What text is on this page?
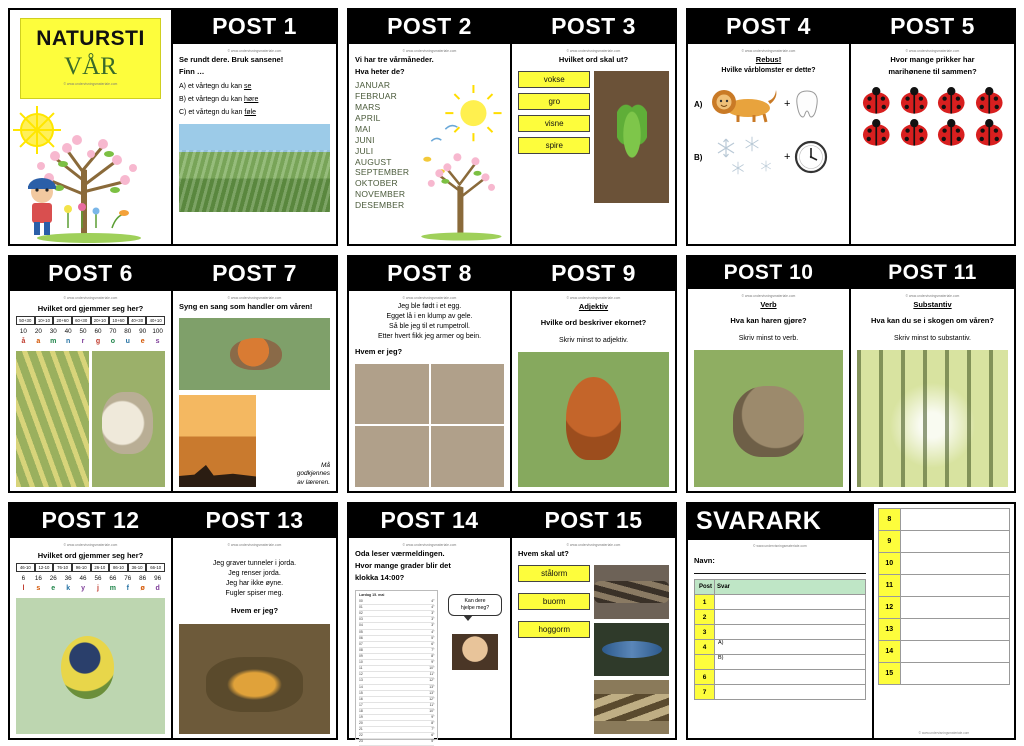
NATURSTI
VÅR
© www.undervisningsmateriale.com
POST 1
© www.undervisningsmateriale.com
Se rundt dere. Bruk sansene!
Finn …
A) et vårtegn du kan se
B) et vårtegn du kan høre
C) et vårtegn du kan føle
POST 2
© www.undervisningsmateriale.com
Vi har tre vårmåneder.
Hva heter de?
JANUAR
FEBRUAR
MARS
APRIL
MAI
JUNI
JULI
AUGUST
SEPTEMBER
OKTOBER
NOVEMBER
DESEMBER
POST 3
© www.undervisningsmateriale.com
Hvilket ord skal ut?
vokse
gro
visne
spire
POST 4
© www.undervisningsmateriale.com
Rebus!
Hvilke vårblomster er dette?
A)	+
B)	+
POST 5
© www.undervisningsmateriale.com
Hvor mange prikker har
marihønene til sammen?
POST 6
© www.undervisningsmateriale.com
Hvilket ord gjemmer seg her?
50+30	10+10	20+60	60+30	20+10	10+60	40+30	40+10
10	20	30	40	50	60	70	80	90 100
å	a	m	n	r	g	o	u	e	s
POST 7
© www.undervisningsmateriale.com
Syng en sang som handler om våren!
Må
godkjennes
av læreren.
POST 8
© www.undervisningsmateriale.com
Jeg ble født i et egg.
Egget lå i en klump av gele.
Så ble jeg til et rumpetroll.
Etter hvert fikk jeg armer og bein.
Hvem er jeg?
POST 9
© www.undervisningsmateriale.com
Adjektiv
Hvilke ord beskriver ekornet?
Skriv minst to adjektiv.
POST 10
© www.undervisningsmateriale.com
Verb
Hva kan haren gjøre?
Skriv minst to verb.
POST 11
© www.undervisningsmateriale.com
Substantiv
Hva kan du se i skogen om våren?
Skriv minst to substantiv.
POST 12
© www.undervisningsmateriale.com
Hvilket ord gjemmer seg her?
46-10	12-10	76-10	96-10	26-10	86-10	36-10	66-10
6	16	26	36	46	56	66	76	86	96
l	s	e	k	y	j	m	f	ø	d
POST 13
© www.undervisningsmateriale.com
Jeg graver tunneler i jorda.
Jeg renser jorda.
Jeg har ikke øyne.
Fugler spiser meg.
Hvem er jeg?
POST 14
© www.undervisningsmateriale.com
Oda leser værmeldingen.
Hvor mange grader blir det
klokka 14:00?
Lørdag 15. mai
00	4°
01	4°
02	3°
03	3°
04	3°
05	4°
06	5°
07	6°
08	7°
09	8°
10	9°
11	10°
12	11°
13	12°
14	13°
15	13°
16	12°
17	11°
18	10°
19	9°
20	8°
21	7°
22	6°
23	5°
Kan dere
hjelpe meg?
POST 15
© www.undervisningsmateriale.com
Hvem skal ut?
stålorm
buorm
hoggorm
SVARARK
© www.undervisningsmateriale.com
Navn:
Post	Svar
1	
2	
3	
4	A)
	B)
6	
7	
8	
9	
10	
11	
12	
13	
14	
15	
© www.undervisningsmateriale.com
